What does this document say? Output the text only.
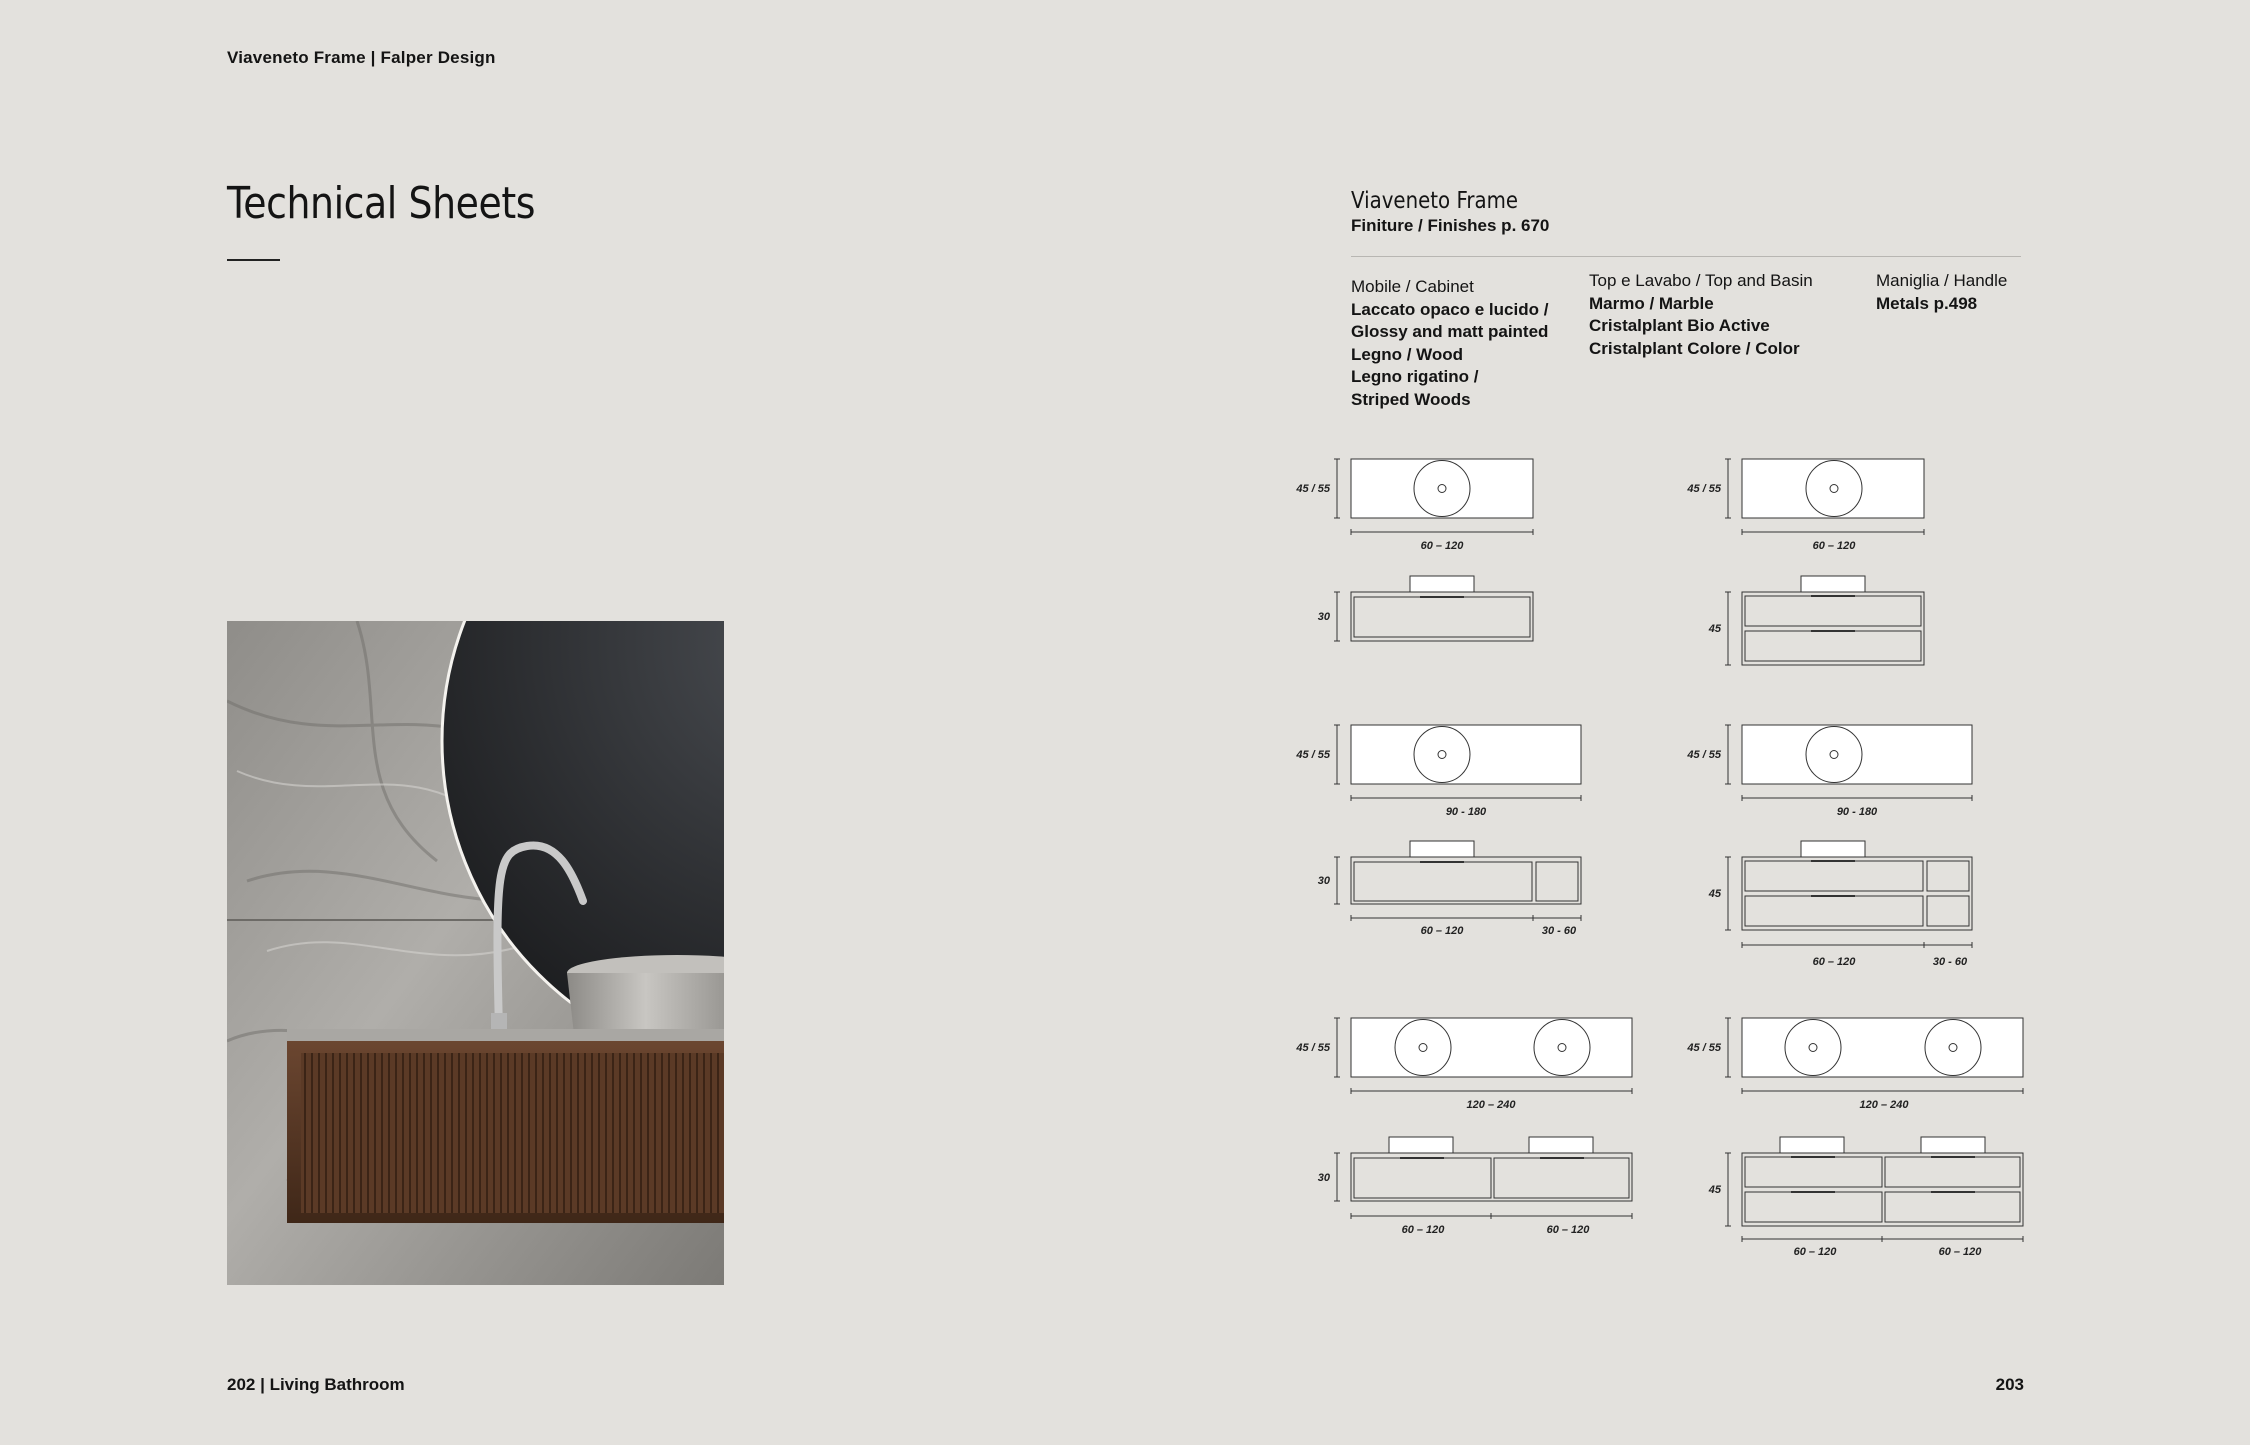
Viaveneto Frame | Falper Design
Technical Sheets
202 | Living Bathroom	203
Viaveneto Frame
Finiture / Finishes p. 670
Mobile / Cabinet
Laccato opaco e lucido /
Glossy and matt painted
Legno / Wood
Legno rigatino /
Striped Woods
Top e Lavabo / Top and Basin
Marmo / Marble
Cristalplant Bio Active
Cristalplant Colore / Color
Maniglia / Handle
Metals p.498
45 / 55
60 – 120
30
45 / 55
60 – 120
45
45 / 55
90 - 180
30
60 – 120	30 - 60
45 / 55
90 - 180
45
60 – 120	30 - 60
45 / 55
120 – 240
30
60 – 120	60 – 120
45 / 55
120 – 240
45
60 – 120	60 – 120
